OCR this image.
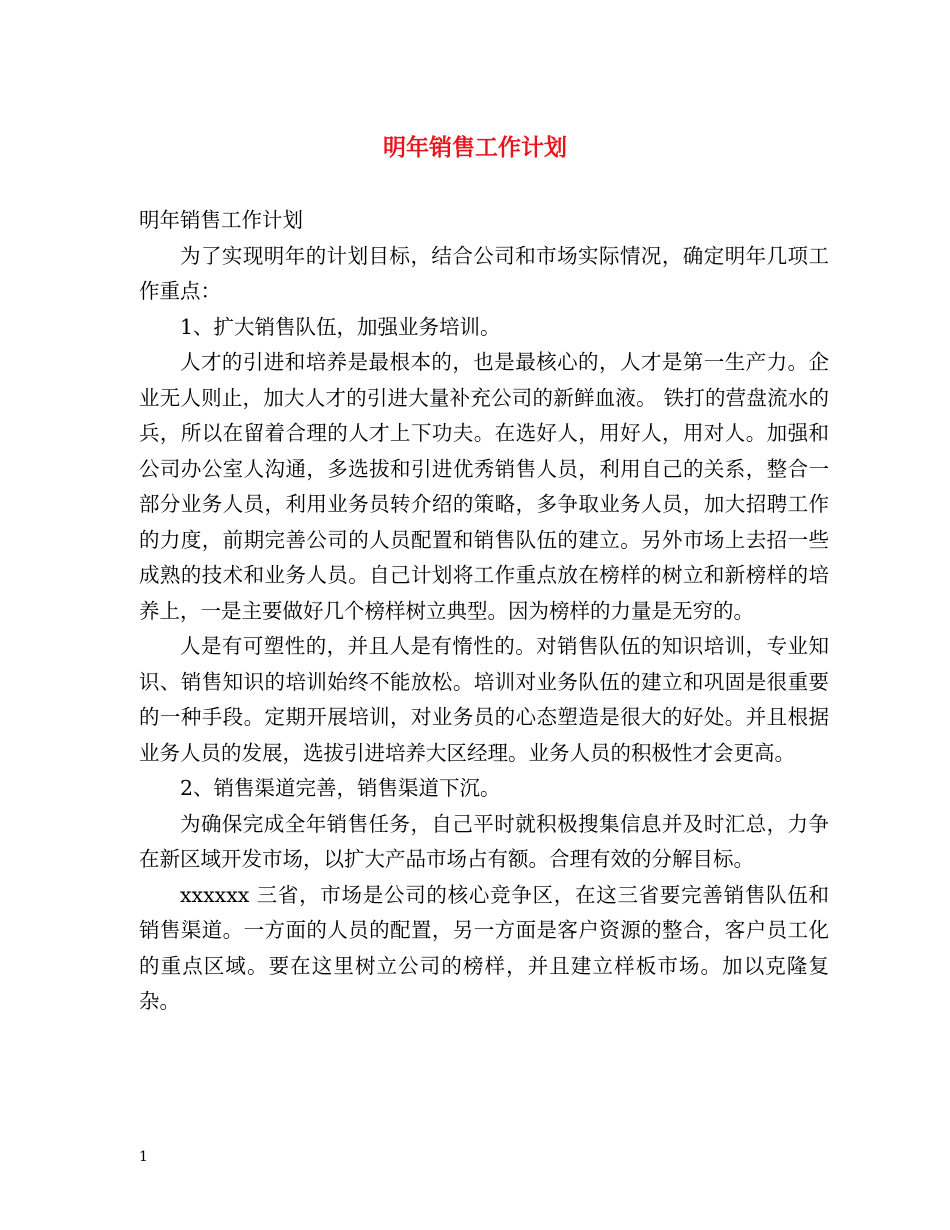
明年销售工作计划

明年销售工作计划

为了实现明年的计划目标，结合公司和市场实际情况，确定明年几项工作重点：

1、扩大销售队伍，加强业务培训。

人才的引进和培养是最根本的，也是最核心的，人才是第一生产力。企业无人则止，加大人才的引进大量补充公司的新鲜血液。 铁打的营盘流水的兵，所以在留着合理的人才上下功夫。在选好人，用好人，用对人。加强和公司办公室人沟通，多选拔和引进优秀销售人员，利用自己的关系，整合一部分业务人员，利用业务员转介绍的策略，多争取业务人员，加大招聘工作的力度，前期完善公司的人员配置和销售队伍的建立。另外市场上去招一些成熟的技术和业务人员。自己计划将工作重点放在榜样的树立和新榜样的培养上，一是主要做好几个榜样树立典型。因为榜样的力量是无穷的。

人是有可塑性的，并且人是有惰性的。对销售队伍的知识培训，专业知识、销售知识的培训始终不能放松。培训对业务队伍的建立和巩固是很重要的一种手段。定期开展培训，对业务员的心态塑造是很大的好处。并且根据业务人员的发展，选拔引进培养大区经理。业务人员的积极性才会更高。

2、销售渠道完善，销售渠道下沉。

为确保完成全年销售任务，自己平时就积极搜集信息并及时汇总，力争在新区域开发市场，以扩大产品市场占有额。合理有效的分解目标。

xxxxxx 三省，市场是公司的核心竞争区，在这三省要完善销售队伍和销售渠道。一方面的人员的配置，另一方面是客户资源的整合，客户员工化的重点区域。要在这里树立公司的榜样，并且建立样板市场。加以克隆复杂。

1
